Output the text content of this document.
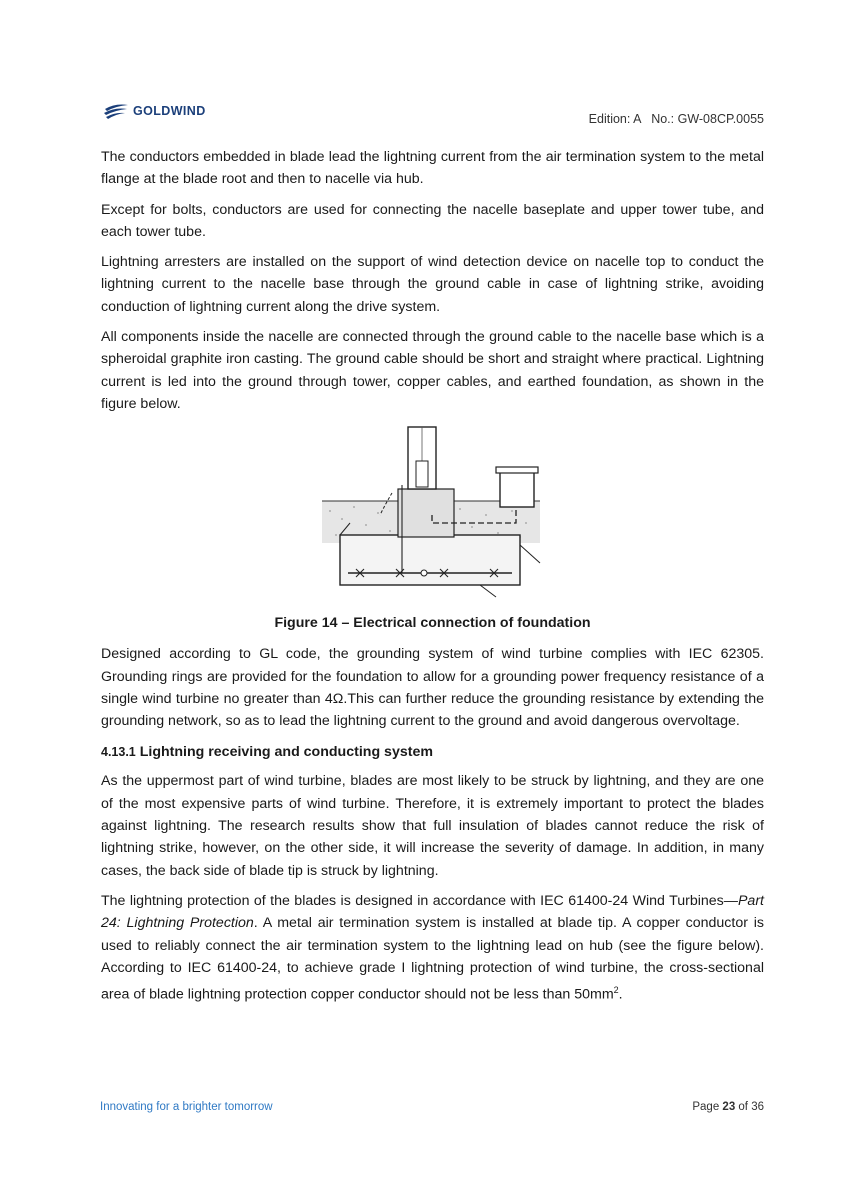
GOLDWIND
Edition: A   No.: GW-08CP.0055

The conductors embedded in blade lead the lightning current from the air termination system to the metal flange at the blade root and then to nacelle via hub.

Except for bolts, conductors are used for connecting the nacelle baseplate and upper tower tube, and each tower tube.

Lightning arresters are installed on the support of wind detection device on nacelle top to conduct the lightning current to the nacelle base through the ground cable in case of lightning strike, avoiding conduction of lightning current along the drive system.

All components inside the nacelle are connected through the ground cable to the nacelle base which is a spheroidal graphite iron casting. The ground cable should be short and straight where practical. Lightning current is led into the ground through tower, copper cables, and earthed foundation, as shown in the figure below.

Figure 14 – Electrical connection of foundation

Designed according to GL code, the grounding system of wind turbine complies with IEC 62305. Grounding rings are provided for the foundation to allow for a grounding power frequency resistance of a single wind turbine no greater than 4Ω.This can further reduce the grounding resistance by extending the grounding network, so as to lead the lightning current to the ground and avoid dangerous overvoltage.

4.13.1 Lightning receiving and conducting system

As the uppermost part of wind turbine, blades are most likely to be struck by lightning, and they are one of the most expensive parts of wind turbine. Therefore, it is extremely important to protect the blades against lightning. The research results show that full insulation of blades cannot reduce the risk of lightning strike, however, on the other side, it will increase the severity of damage. In addition, in many cases, the back side of blade tip is struck by lightning.

The lightning protection of the blades is designed in accordance with IEC 61400-24 Wind Turbines—Part 24: Lightning Protection. A metal air termination system is installed at blade tip. A copper conductor is used to reliably connect the air termination system to the lightning lead on hub (see the figure below). According to IEC 61400-24, to achieve grade I lightning protection of wind turbine, the cross-sectional area of blade lightning protection copper conductor should not be less than $50mm^2$.

Innovating for a brighter tomorrow	Page 23 of 36
